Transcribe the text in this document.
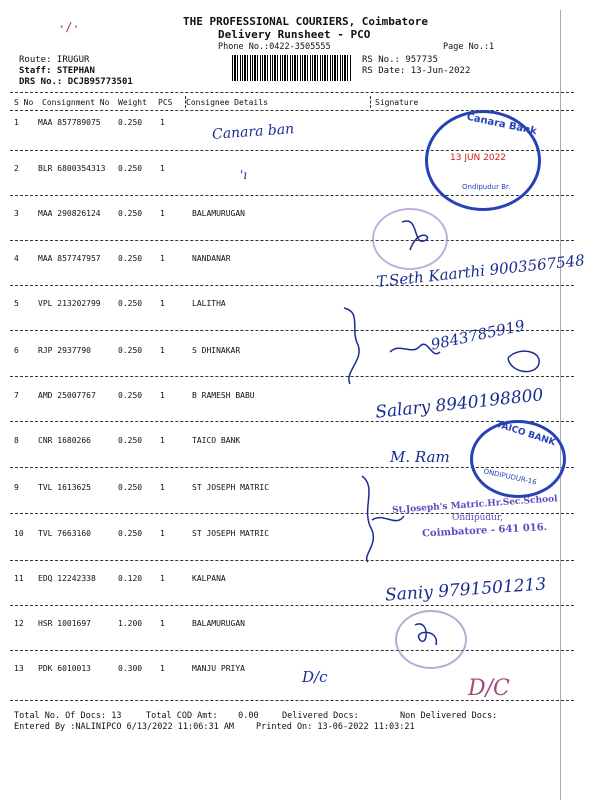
·/·	THE PROFESSIONAL COURIERS, Coimbatore
Delivery Runsheet - PCO
Phone No.:0422-3505555	Page No.:1
Route: IRUGUR
Staff: STEPHAN
DRS No.: DCJB95773501
RS No.: 957735
RS Date: 13-Jun-2022
S No Consignment No Weight PCS Consignee Details	Signature
1 MAA 857789075 0.250 1
2 BLR 6800354313 0.250 1
3 MAA 290826124 0.250 1	BALAMURUGAN
4 MAA 857747957 0.250 1	NANDANAR
5 VPL 213202799 0.250 1	LALITHA
6 RJP 2937790	0.250 1	S DHINAKAR
7 AMD 25007767	0.250 1	B RAMESH BABU
8 CNR 1680266	0.250 1	TAICO BANK
9 TVL 1613625	0.250 1	ST JOSEPH MATRIC
10 TVL 7663160	0.250 1	ST JOSEPH MATRIC
11 EDQ 12242338	0.120 1	KALPANA
12 HSR 1001697	1.200 1	BALAMURUGAN
13 PDK 6010013	0.300 1	MANJU PRIYA
Canara Bank
13 JUN 2022
Ondipudur Br.
TAICO BANK
ONDIPUDUR-16
St.Joseph's Matric.Hr.Sec.School
Ondipudur,
Coimbatore - 641 016.
Canara ban
'ı
T.Seth Kaarthi 9003567548
9843785919
Salary 8940198800
M. Ram
Saniy 9791501213
D/c	D/C
Total No. Of Docs: 13	Total COD Amt:    0.00	Delivered Docs:	Non Delivered Docs:
Entered By :NALINIPCO 6/13/2022 11:06:31 AM	Printed On: 13-06-2022 11:03:21
